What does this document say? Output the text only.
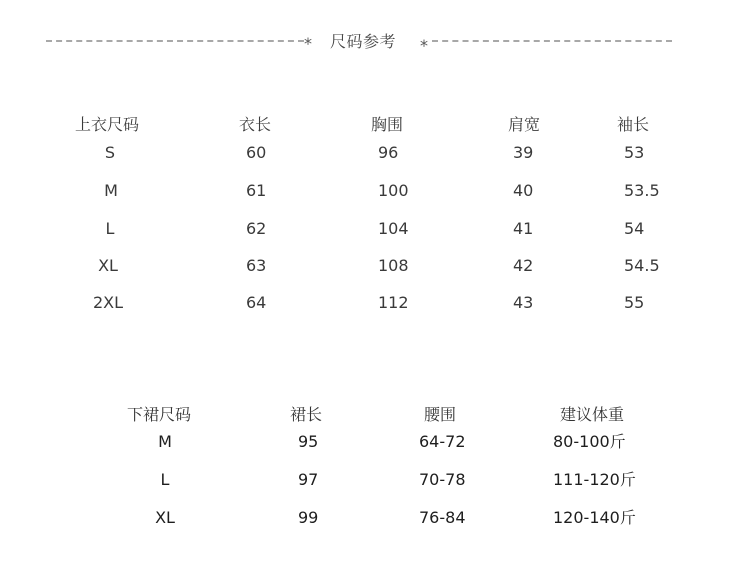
* 尺码参考 *
上衣尺码	衣长	胸围	肩宽	袖长
S	60	96	39	53
M	61	100	40	53.5
L	62	104	41	54
XL	63	108	42	54.5
2XL	64	112	43	55
下裙尺码	裙长	腰围	建议体重
M	95	64-72	80-100斤
L	97	70-78	111-120斤
XL	99	76-84	120-140斤
